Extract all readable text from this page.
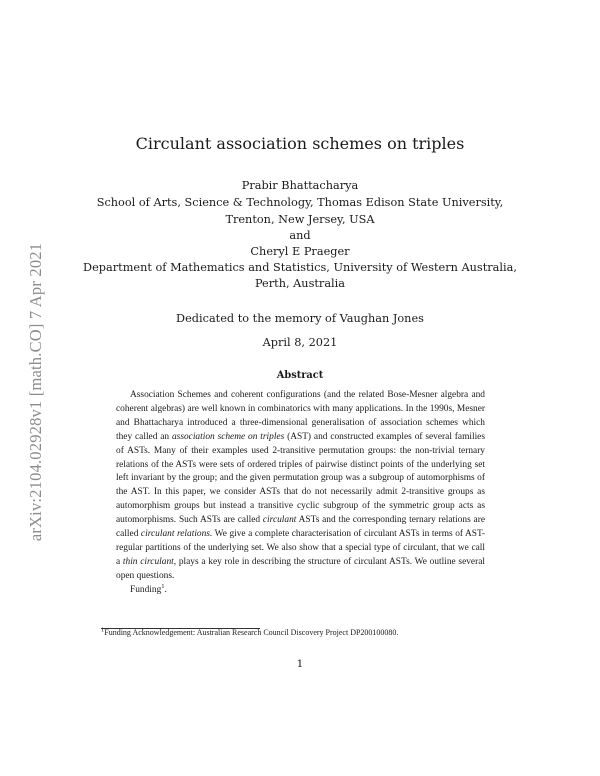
arXiv:2104.02928v1 [math.CO] 7 Apr 2021
Circulant association schemes on triples
Prabir Bhattacharya
School of Arts, Science & Technology, Thomas Edison State University,
Trenton, New Jersey, USA
and
Cheryl E Praeger
Department of Mathematics and Statistics, University of Western Australia,
Perth, Australia
Dedicated to the memory of Vaughan Jones
April 8, 2021
Abstract

Association Schemes and coherent configurations (and the related Bose-Mesner algebra and coherent algebras) are well known in combinatorics with many applications. In the 1990s, Mesner and Bhattacharya introduced a three-dimensional generalisation of association schemes which they called an association scheme on triples (AST) and constructed examples of several families of ASTs. Many of their examples used 2-transitive permutation groups: the non-trivial ternary relations of the ASTs were sets of ordered triples of pairwise distinct points of the underlying set left invariant by the group; and the given permutation group was a subgroup of automorphisms of the AST. In this paper, we consider ASTs that do not necessarily admit 2-transitive groups as automorphism groups but instead a transitive cyclic subgroup of the symmetric group acts as automorphisms. Such ASTs are called circulant ASTs and the corresponding ternary relations are called circulant relations. We give a complete characterisation of circulant ASTs in terms of AST-regular partitions of the underlying set. We also show that a special type of circulant, that we call a thin circulant, plays a key role in describing the structure of circulant ASTs. We outline several open questions.

Funding$^1$.

$^1$Funding Acknowledgement: Australian Research Council Discovery Project DP200100080.
1
